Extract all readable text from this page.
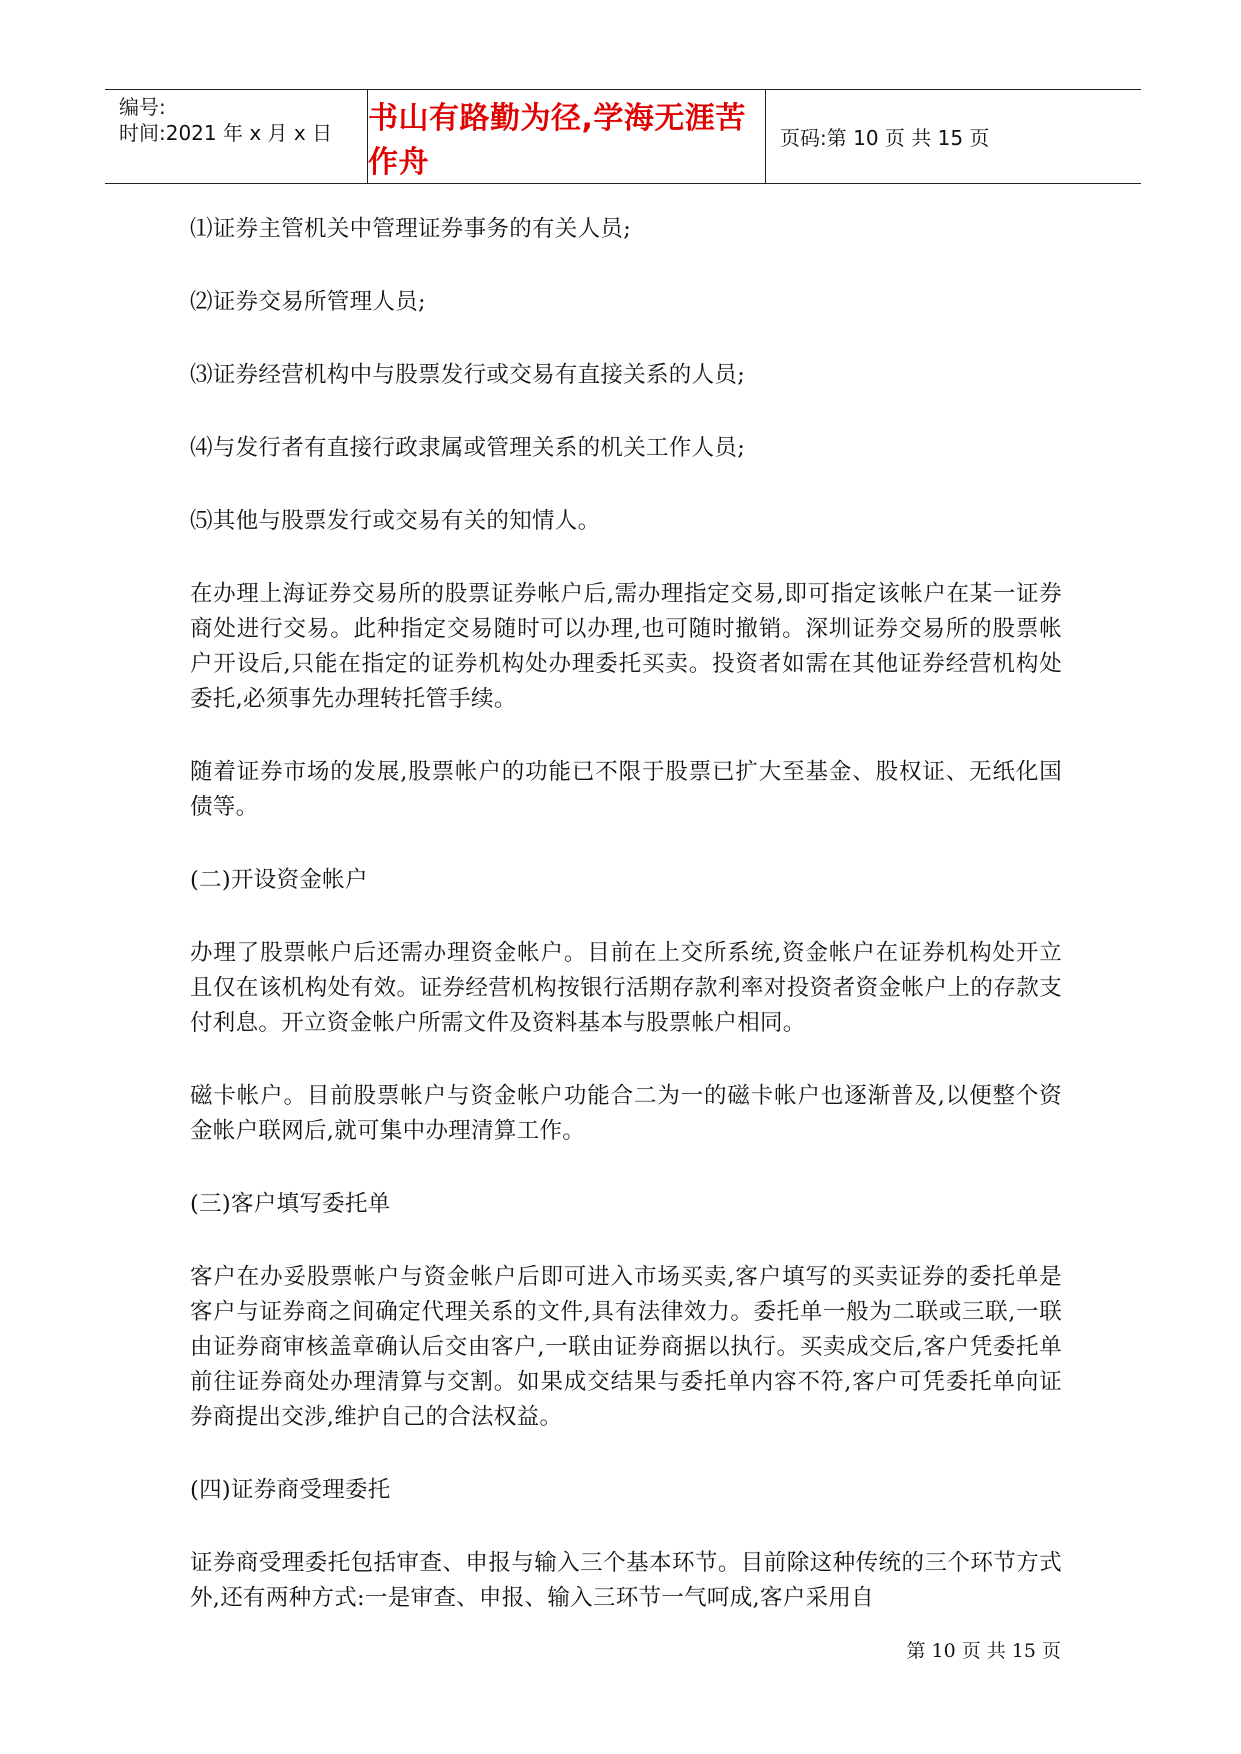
编号:
时间:2021 年 x 月 x 日	书山有路勤为径,学海无涯苦作舟
页码:第 10 页 共 15 页

⑴证券主管机关中管理证券事务的有关人员;

⑵证券交易所管理人员;

⑶证券经营机构中与股票发行或交易有直接关系的人员;

⑷与发行者有直接行政隶属或管理关系的机关工作人员;

⑸其他与股票发行或交易有关的知情人。

在办理上海证券交易所的股票证券帐户后,需办理指定交易,即可指定该帐户在某一证券商处进行交易。此种指定交易随时可以办理,也可随时撤销。深圳证券交易所的股票帐户开设后,只能在指定的证券机构处办理委托买卖。投资者如需在其他证券经营机构处委托,必须事先办理转托管手续。

随着证券市场的发展,股票帐户的功能已不限于股票已扩大至基金、股权证、无纸化国债等。

(二)开设资金帐户

办理了股票帐户后还需办理资金帐户。目前在上交所系统,资金帐户在证券机构处开立且仅在该机构处有效。证券经营机构按银行活期存款利率对投资者资金帐户上的存款支付利息。开立资金帐户所需文件及资料基本与股票帐户相同。

磁卡帐户。目前股票帐户与资金帐户功能合二为一的磁卡帐户也逐渐普及,以便整个资金帐户联网后,就可集中办理清算工作。

(三)客户填写委托单

客户在办妥股票帐户与资金帐户后即可进入市场买卖,客户填写的买卖证券的委托单是客户与证券商之间确定代理关系的文件,具有法律效力。委托单一般为二联或三联,一联由证券商审核盖章确认后交由客户,一联由证券商据以执行。买卖成交后,客户凭委托单前往证券商处办理清算与交割。如果成交结果与委托单内容不符,客户可凭委托单向证券商提出交涉,维护自己的合法权益。

(四)证券商受理委托

证券商受理委托包括审查、申报与输入三个基本环节。目前除这种传统的三个环节方式外,还有两种方式:一是审查、申报、输入三环节一气呵成,客户采用自

第 10 页 共 15 页
